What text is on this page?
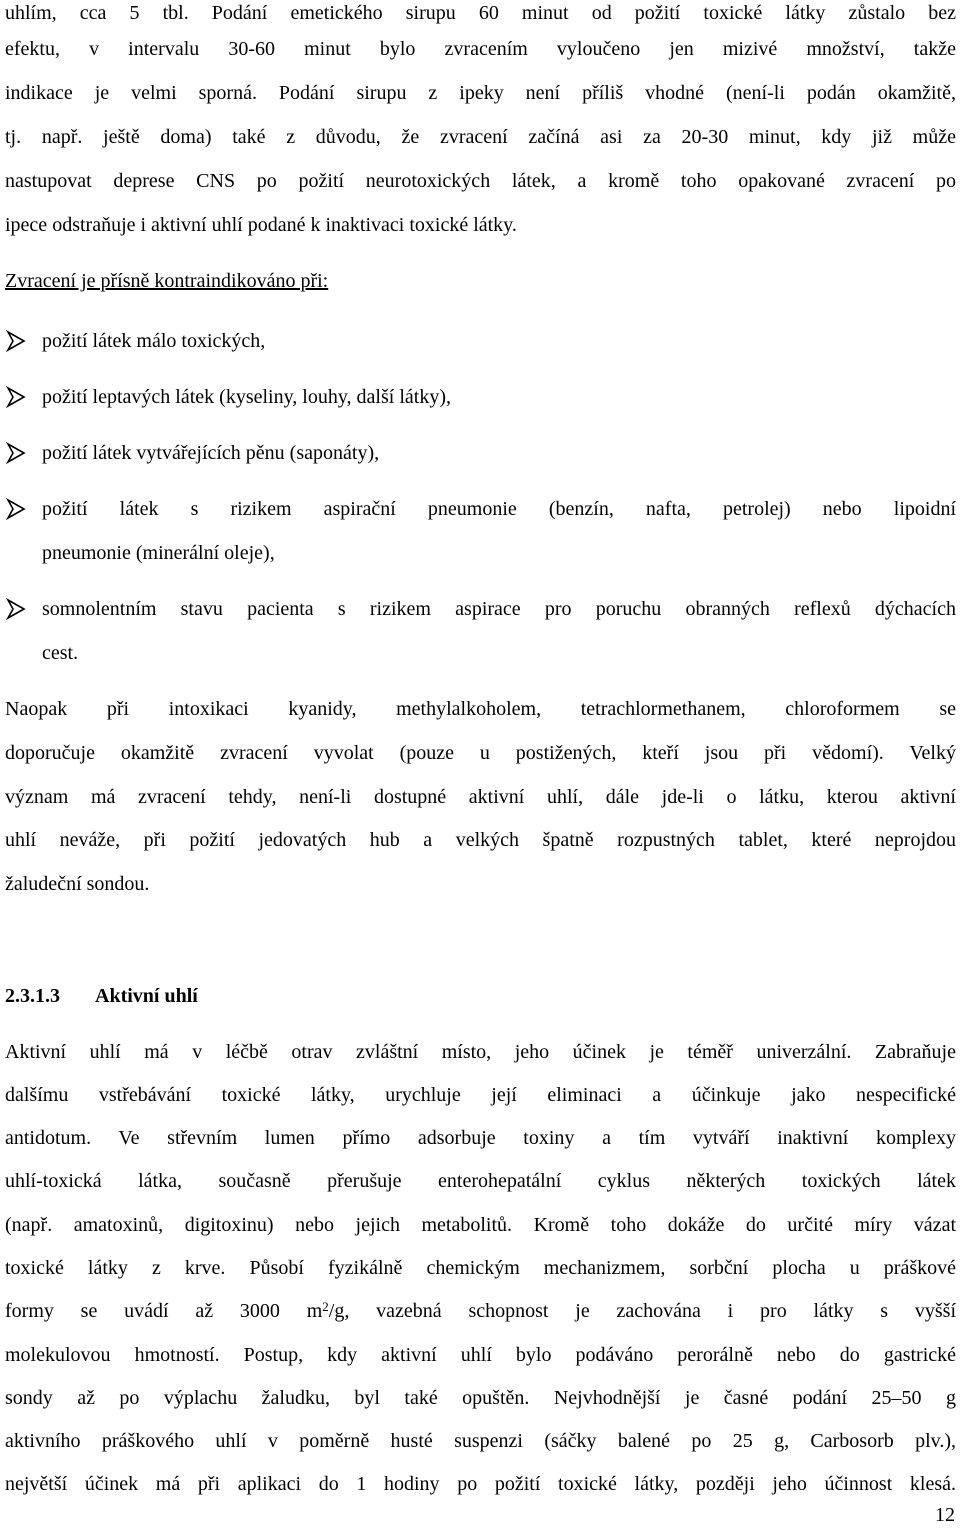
uhlím, cca 5 tbl. Podání emetického sirupu 60 minut od požití toxické látky zůstalo bez
efektu, v intervalu 30-60 minut bylo zvracením vyloučeno jen mizivé množství, takže
indikace je velmi sporná. Podání sirupu z ipeky není příliš vhodné (není-li podán okamžitě,
tj. např. ještě doma) také z důvodu, že zvracení začíná asi za 20-30 minut, kdy již může
nastupovat deprese CNS po požití neurotoxických látek, a kromě toho opakované zvracení po
ipece odstraňuje i aktivní uhlí podané k inaktivaci toxické látky.
Zvracení je přísně kontraindikováno při:
požití látek málo toxických,
požití leptavých látek (kyseliny, louhy, další látky),
požití látek vytvářejících pěnu (saponáty),
požití látek s rizikem aspirační pneumonie (benzín, nafta, petrolej) nebo lipoidní
pneumonie (minerální oleje),
somnolentním stavu pacienta s rizikem aspirace pro poruchu obranných reflexů dýchacích
cest.
Naopak při intoxikaci kyanidy, methylalkoholem, tetrachlormethanem, chloroformem se
doporučuje okamžitě zvracení vyvolat (pouze u postižených, kteří jsou při vědomí). Velký
význam má zvracení tehdy, není-li dostupné aktivní uhlí, dále jde-li o látku, kterou aktivní
uhlí neváže, při požití jedovatých hub a velkých špatně rozpustných tablet, které neprojdou
žaludeční sondou.
2.3.1.3 Aktivní uhlí
Aktivní uhlí má v léčbě otrav zvláštní místo, jeho účinek je téměř univerzální. Zabraňuje
dalšímu vstřebávání toxické látky, urychluje její eliminaci a účinkuje jako nespecifické
antidotum. Ve střevním lumen přímo adsorbuje toxiny a tím vytváří inaktivní komplexy
uhlí-toxická látka, současně přerušuje enterohepatální cyklus některých toxických látek
(např. amatoxinů, digitoxinu) nebo jejich metabolitů. Kromě toho dokáže do určité míry vázat
toxické látky z krve. Působí fyzikálně chemickým mechanizmem, sorbční plocha u práškové
formy se uvádí až 3000 $m^2/g$, vazebná schopnost je zachována i pro látky s vyšší
molekulovou hmotností. Postup, kdy aktivní uhlí bylo podáváno perorálně nebo do gastrické
sondy až po výplachu žaludku, byl také opuštěn. Nejvhodnější je časné podání 25–50 g
aktivního práškového uhlí v poměrně husté suspenzi (sáčky balené po 25 g, Carbosorb plv.),
největší účinek má při aplikaci do 1 hodiny po požití toxické látky, později jeho účinnost klesá.
12
